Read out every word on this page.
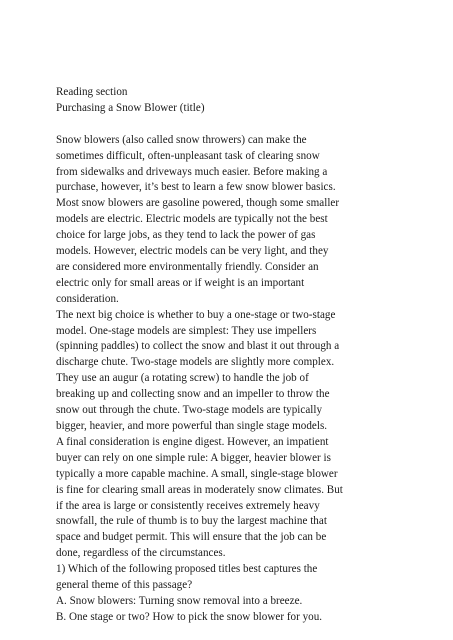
Reading section
Purchasing a Snow Blower (title)
Snow blowers (also called snow throwers) can make the
sometimes difficult, often-unpleasant task of clearing snow
from sidewalks and driveways much easier. Before making a
purchase, however, it’s best to learn a few snow blower basics.
Most snow blowers are gasoline powered, though some smaller
models are electric. Electric models are typically not the best
choice for large jobs, as they tend to lack the power of gas
models. However, electric models can be very light, and they
are considered more environmentally friendly. Consider an
electric only for small areas or if weight is an important
consideration.
The next big choice is whether to buy a one-stage or two-stage
model. One-stage models are simplest: They use impellers
(spinning paddles) to collect the snow and blast it out through a
discharge chute. Two-stage models are slightly more complex.
They use an augur (a rotating screw) to handle the job of
breaking up and collecting snow and an impeller to throw the
snow out through the chute. Two-stage models are typically
bigger, heavier, and more powerful than single stage models.
A final consideration is engine digest. However, an impatient
buyer can rely on one simple rule: A bigger, heavier blower is
typically a more capable machine. A small, single-stage blower
is fine for clearing small areas in moderately snow climates. But
if the area is large or consistently receives extremely heavy
snowfall, the rule of thumb is to buy the largest machine that
space and budget permit. This will ensure that the job can be
done, regardless of the circumstances.
1) Which of the following proposed titles best captures the
general theme of this passage?
A. Snow blowers: Turning snow removal into a breeze.
B. One stage or two? How to pick the snow blower for you.
